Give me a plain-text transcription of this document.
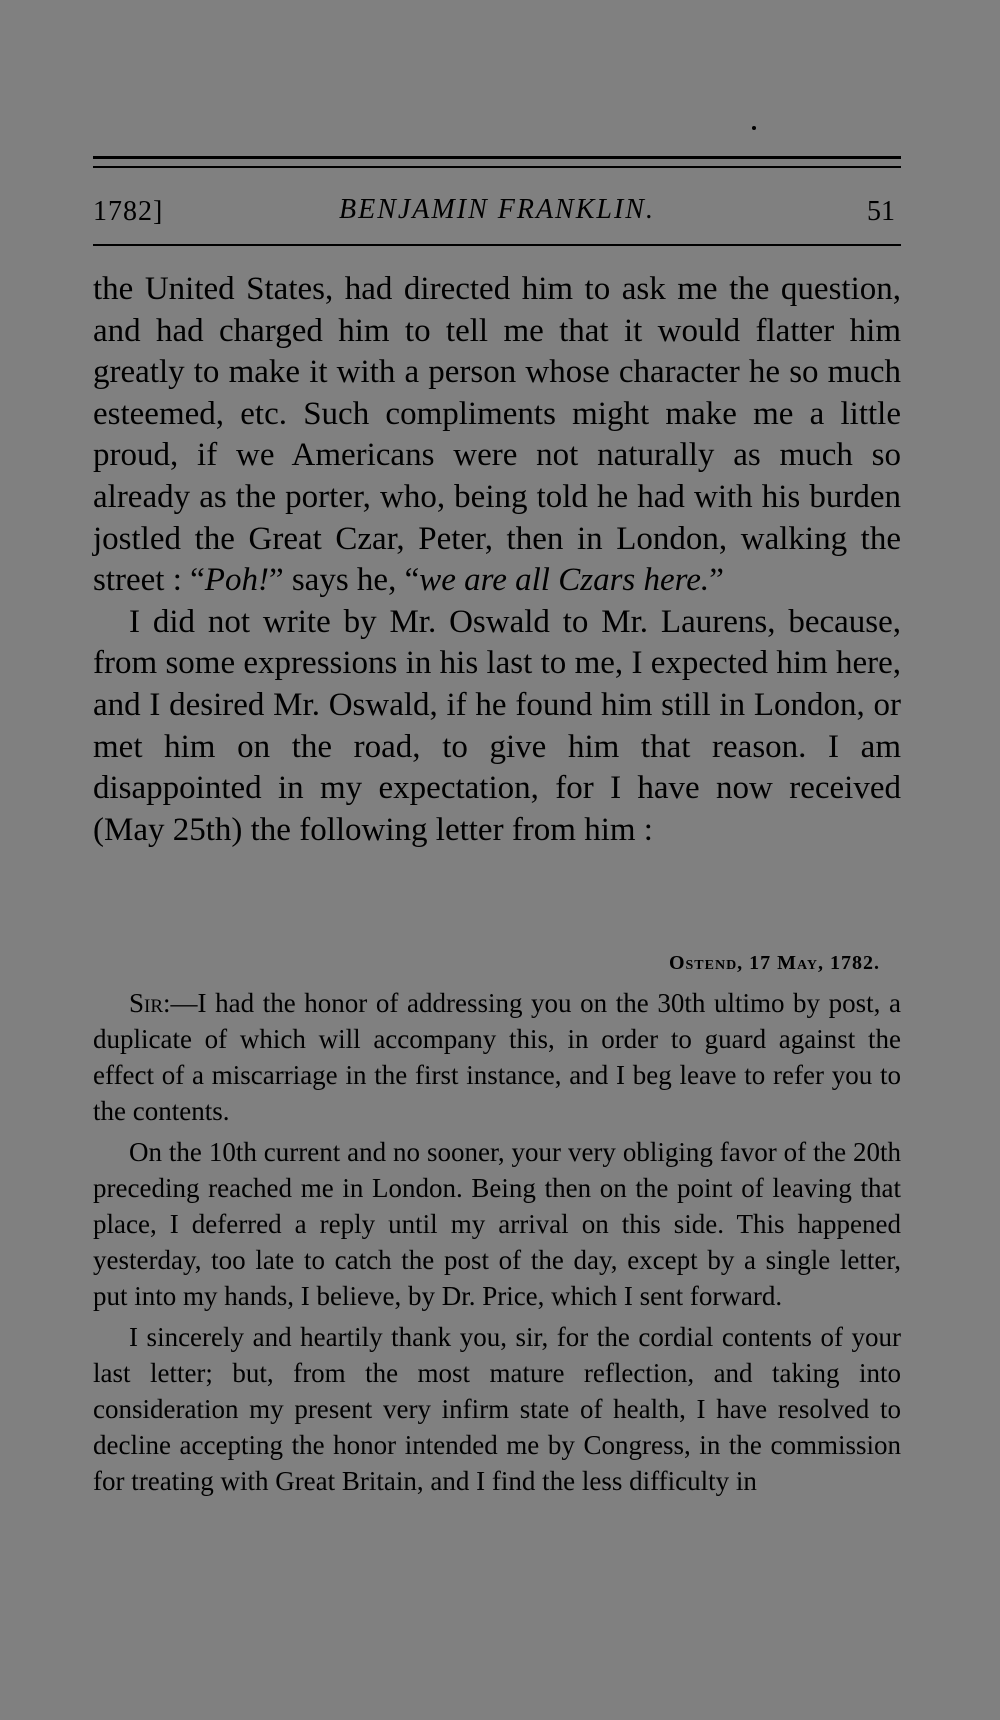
1782]	BENJAMIN FRANKLIN.	51

the United States, had directed him to ask me the question, and had charged him to tell me that it would flatter him greatly to make it with a person whose character he so much esteemed, etc. Such compliments might make me a little proud, if we Americans were not naturally as much so already as the porter, who, being told he had with his burden jostled the Great Czar, Peter, then in London, walking the street : “Poh!” says he, “we are all Czars here.”

I did not write by Mr. Oswald to Mr. Laurens, because, from some expressions in his last to me, I expected him here, and I desired Mr. Oswald, if he found him still in London, or met him on the road, to give him that reason. I am disappointed in my expectation, for I have now received (May 25th) the following letter from him :

Ostend, 17 May, 1782.

Sir:—I had the honor of addressing you on the 30th ultimo by post, a duplicate of which will accompany this, in order to guard against the effect of a miscarriage in the first instance, and I beg leave to refer you to the contents.

On the 10th current and no sooner, your very obliging favor of the 20th preceding reached me in London. Being then on the point of leaving that place, I deferred a reply until my arrival on this side. This happened yesterday, too late to catch the post of the day, except by a single letter, put into my hands, I believe, by Dr. Price, which I sent forward.

I sincerely and heartily thank you, sir, for the cordial contents of your last letter; but, from the most mature reflection, and taking into consideration my present very infirm state of health, I have resolved to decline accepting the honor intended me by Congress, in the commission for treating with Great Britain, and I find the less difficulty in
